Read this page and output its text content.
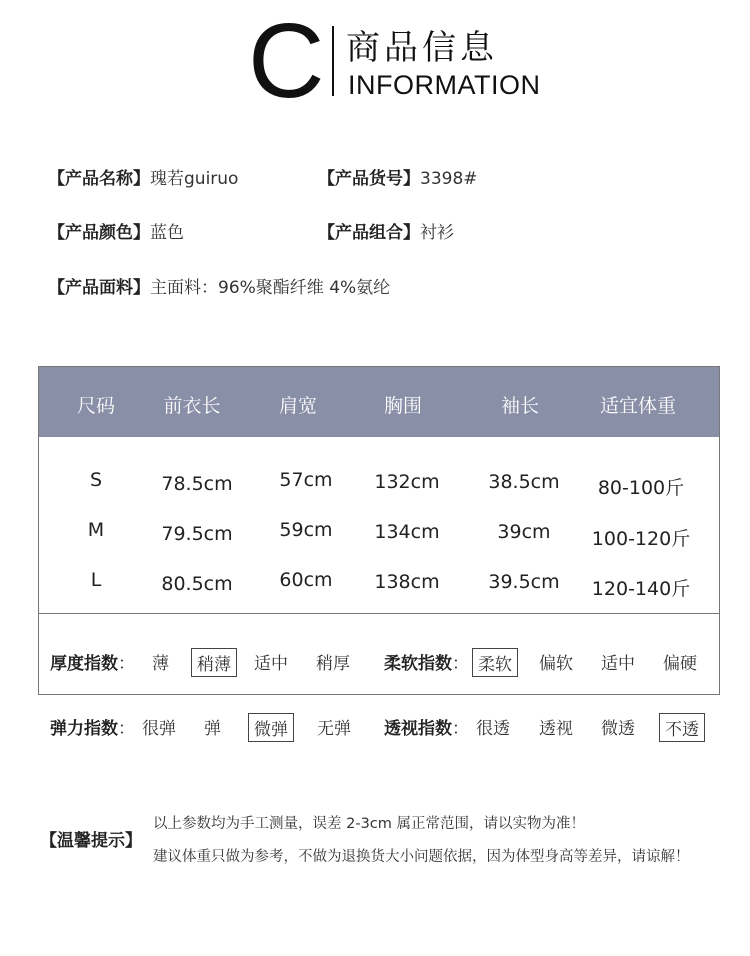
C 商品信息
INFORMATION
【产品名称】瑰若guiruo	【产品货号】3398#
【产品颜色】蓝色	【产品组合】衬衫
【产品面料】主面料：96%聚酯纤维 4%氨纶
尺码	前衣长	肩宽	胸围	袖长	适宜体重
S	78.5cm 57cm 132cm	38.5cm 80-100斤
M	79.5cm 59cm 134cm	39cm 100-120斤
L	80.5cm 60cm 138cm	39.5cm 120-140斤
厚度指数： 薄	稍薄	适中 稍厚 柔软指数： 柔软	偏软 适中 偏硬
弹力指数： 很弹 弹	微弹	无弹 透视指数： 很透 透视 微透	不透
【温馨提示】
以上参数均为手工测量，误差 2-3cm 属正常范围，请以实物为准！
建议体重只做为参考，不做为退换货大小问题依据，因为体型身高等差异，请谅解！
